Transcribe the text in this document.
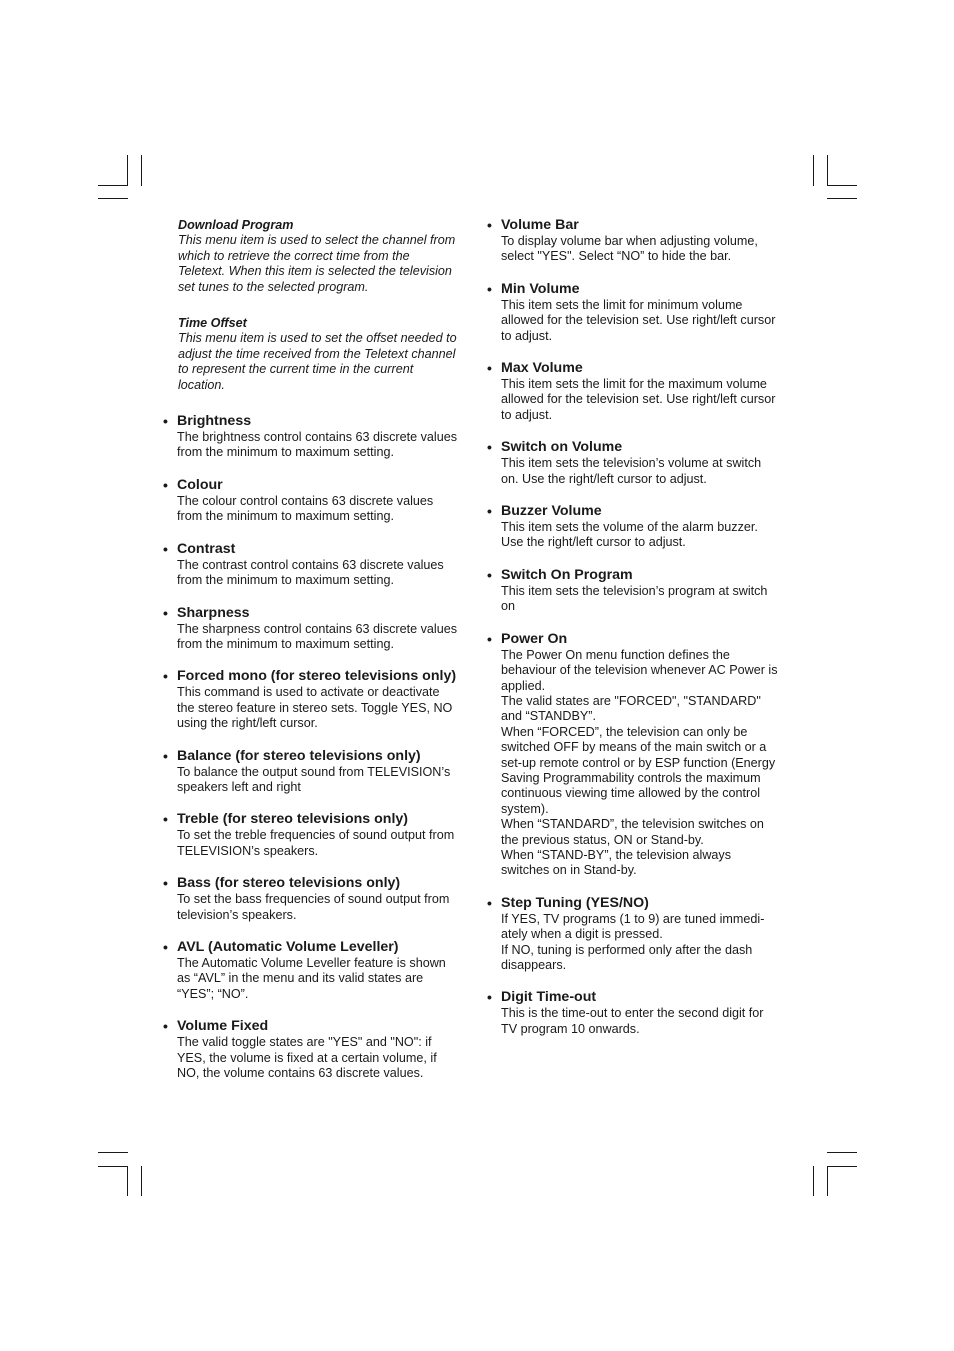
Download Program
This menu item is used to select the channel from
which to retrieve the correct time from the
Teletext. When this item is selected the television
set tunes to the selected program.
Time Offset
This menu item is used to set the offset needed to
adjust the time received from the Teletext channel
to represent the current time in the current
location.
• Brightness
The brightness control contains 63 discrete values
from the minimum to maximum setting.
• Colour
The colour control contains 63 discrete values
from the minimum to maximum setting.
• Contrast
The contrast control contains 63 discrete values
from the minimum to maximum setting.
• Sharpness
The sharpness control contains 63 discrete values
from the minimum to maximum setting.
• Forced mono (for stereo televisions only)
This command is used to activate or deactivate
the stereo feature in stereo sets. Toggle YES, NO
using the right/left cursor.
• Balance (for stereo televisions only)
To balance the output sound from TELEVISION’s
speakers left and right
• Treble (for stereo televisions only)
To set the treble frequencies of sound output from
TELEVISION’s speakers.
• Bass (for stereo televisions only)
To set the bass frequencies of sound output from
television’s speakers.
• AVL (Automatic Volume Leveller)
The Automatic Volume Leveller feature is shown
as “AVL” in the menu and its valid states are
“YES”; “NO”.
• Volume Fixed
The valid toggle states are "YES" and "NO": if
YES, the volume is fixed at a certain volume, if
NO, the volume contains 63 discrete values.
• Volume Bar
To display volume bar when adjusting volume,
select "YES". Select “NO” to hide the bar.
• Min Volume
This item sets the limit for minimum volume
allowed for the television set. Use right/left cursor
to adjust.
• Max Volume
This item sets the limit for the maximum volume
allowed for the television set. Use right/left cursor
to adjust.
• Switch on Volume
This item sets the television’s volume at switch
on. Use the right/left cursor to adjust.
• Buzzer Volume
This item sets the volume of the alarm buzzer.
Use the right/left cursor to adjust.
• Switch On Program
This item sets the television’s program at switch
on
• Power On
The Power On menu function defines the
behaviour of the television whenever AC Power is
applied.
The valid states are "FORCED", "STANDARD"
and “STANDBY”.
When “FORCED”, the television can only be
switched OFF by means of the main switch or a
set-up remote control or by ESP function (Energy
Saving Programmability controls the maximum
continuous viewing time allowed by the control
system).
When “STANDARD”, the television switches on
the previous status, ON or Stand-by.
When “STAND-BY”, the television always
switches on in Stand-by.
• Step Tuning (YES/NO)
If YES, TV programs (1 to 9) are tuned immedi-
ately when a digit is pressed.
If NO, tuning is performed only after the dash
disappears.
• Digit Time-out
This is the time-out to enter the second digit for
TV program 10 onwards.
